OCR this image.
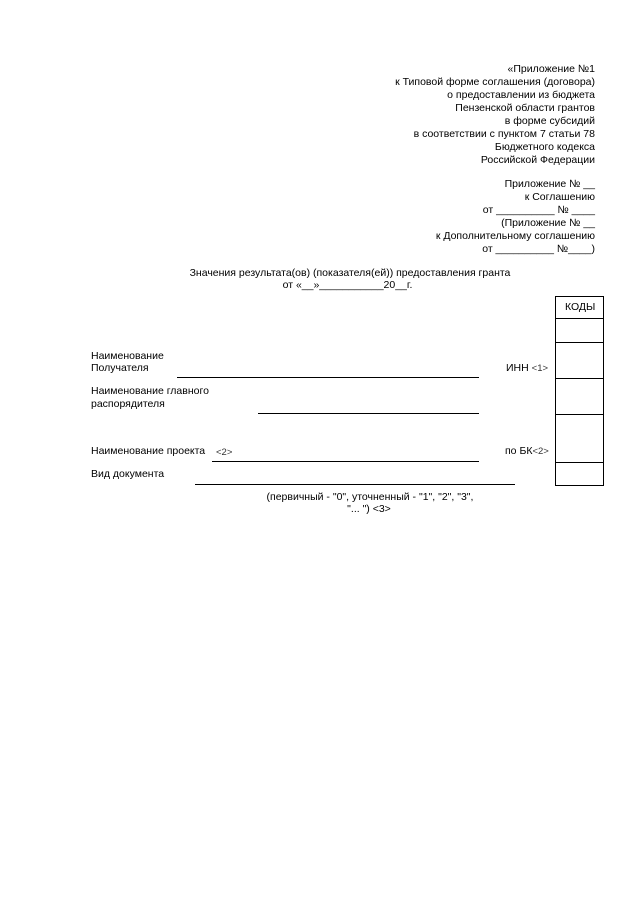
«Приложение №1
к Типовой форме соглашения (договора)
о предоставлении из бюджета
Пензенской области грантов
в форме субсидий
в соответствии с пунктом 7 статьи 78
Бюджетного кодекса
Российской Федерации
Приложение № __
к Соглашению
от __________ № ____
(Приложение № __
к Дополнительному соглашению
от __________ №____)
Значения результата(ов) (показателя(ей)) предоставления гранта
от «__»___________20__г.
КОДЫ
Наименование
Получателя	ИНН <1>
Наименование главного
распорядителя
Наименование проекта <2>	по БК<2>
Вид документа
(первичный - "0", уточненный - "1", "2", "3",
"... ") <3>
